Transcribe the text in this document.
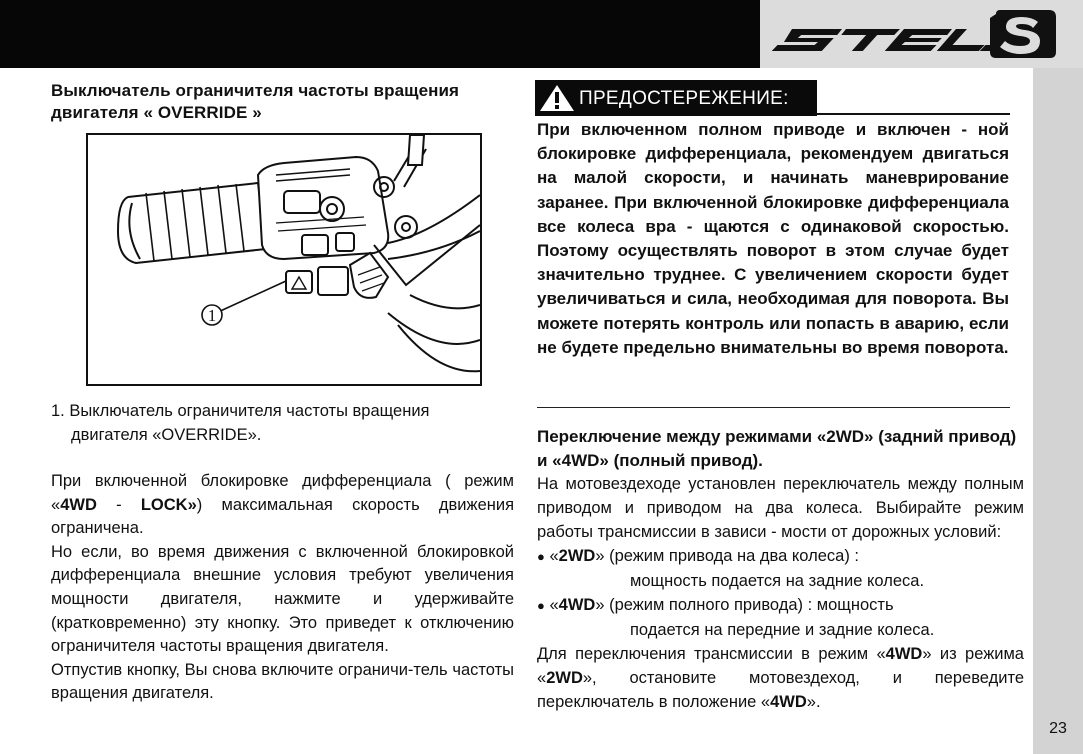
23
Выключатель ограничителя частоты вращения
двигателя « OVERRIDE »
1
1. Выключатель ограничителя частоты вращения
двигателя «OVERRIDE».

При включенной блокировке дифференциала ( режим «4WD - LOCK») максимальная скорость движения ограничена.

Но если, во время движения с включенной блокировкой дифференциала внешние условия требуют увеличения мощности двигателя, нажмите и удерживайте (кратковременно) эту кнопку. Это приведет к отключению ограничителя частоты вращения двигателя.

Отпустив кнопку, Вы снова включите ограничи-тель частоты вращения двигателя.

ПРЕДОСТЕРЕЖЕНИЕ:
При включенном полном приводе и включен - ной блокировке дифференциала, рекомендуем двигаться на малой скорости, и начинать маневрирование заранее. При включенной блокировке дифференциала все колеса вра - щаются с одинаковой скоростью. Поэтому осуществлять поворот в этом случае будет значительно труднее. С увеличением скорости будет увеличиваться и сила, необходимая для поворота. Вы можете потерять контроль или попасть в аварию, если не будете предельно внимательны во время поворота.
Переключение между режимами «2WD» (задний привод) и «4WD» (полный привод).

На мотовездеходе установлен переключатель между полным приводом и приводом на два колеса. Выбирайте режим работы трансмиссии в зависи - мости от дорожных условий:

● «2WD» (режим привода на два колеса) :

мощность подается на задние колеса.

● «4WD» (режим полного привода) : мощность

подается на передние и задние колеса.

Для переключения трансмиссии в режим «4WD» из режима «2WD», остановите мотовездеход, и переведите переключатель в положение «4WD».
